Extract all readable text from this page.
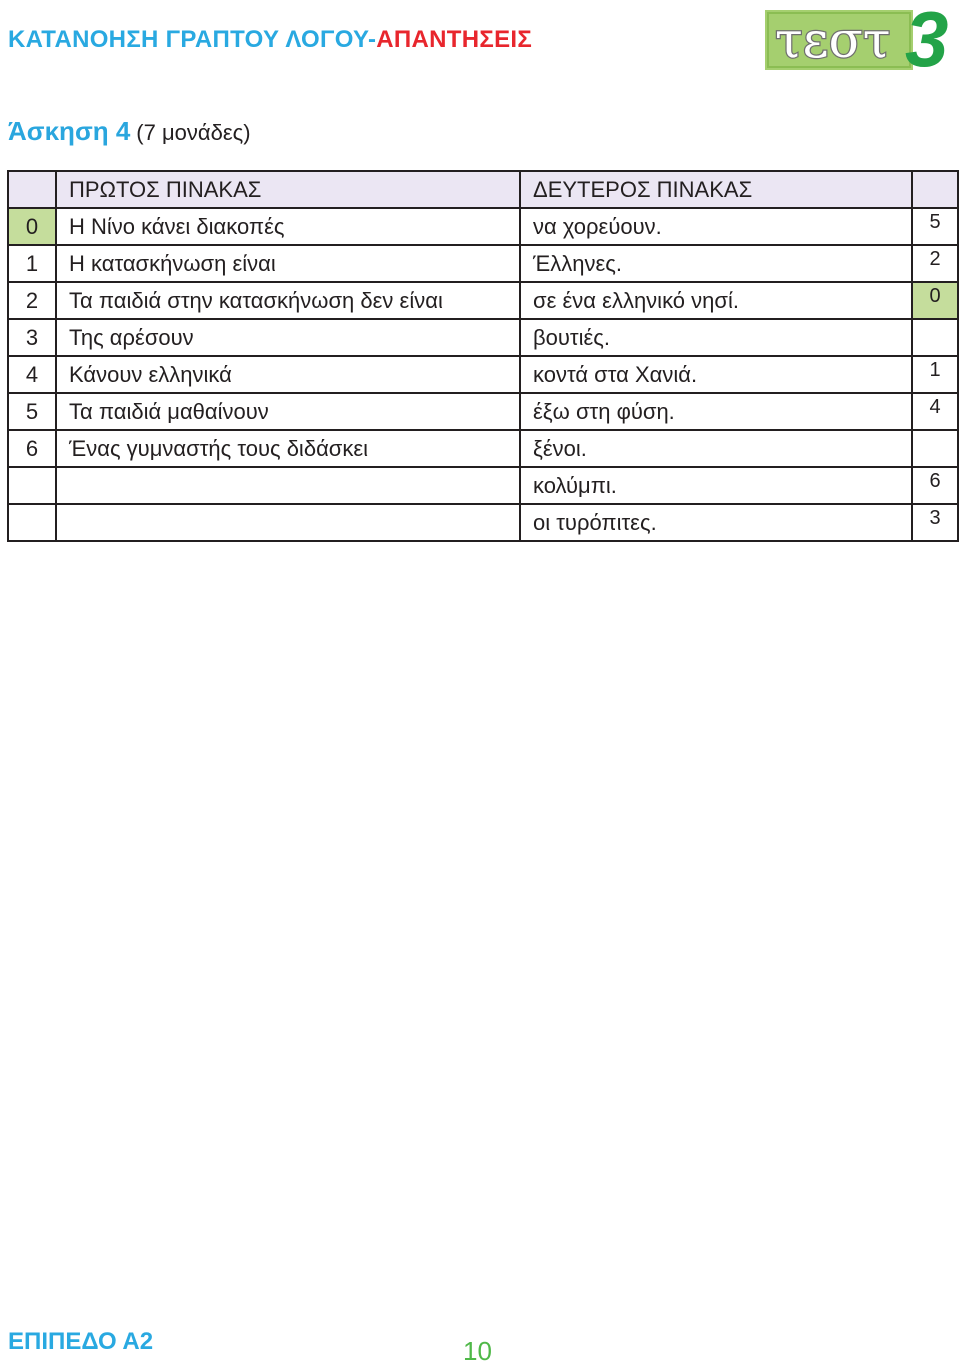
ΚΑΤΑΝΟΗΣΗ ΓΡΑΠΤΟΥ ΛΟΓΟΥ-ΑΠΑΝΤΗΣΕΙΣ	τεστ 3
Άσκηση 4 (7 μονάδες)
	ΠΡΩΤΟΣ ΠΙΝΑΚΑΣ	ΔΕΥΤΕΡΟΣ ΠΙΝΑΚΑΣ	
0	Η Νίνο κάνει διακοπές	να χορεύουν.	5
1	Η κατασκήνωση είναι	Έλληνες.	2
2	Τα παιδιά στην κατασκήνωση δεν είναι	σε ένα ελληνικό νησί.	0
3	Της αρέσουν	βουτιές.	
4	Κάνουν ελληνικά	κοντά στα Χανιά.	1
5	Τα παιδιά μαθαίνουν	έξω στη φύση.	4
6	Ένας γυμναστής τους διδάσκει	ξένοι.	
		κολύμπι.	6
		οι τυρόπιτες.	3
ΕΠΙΠΕΔΟ Α2	10
